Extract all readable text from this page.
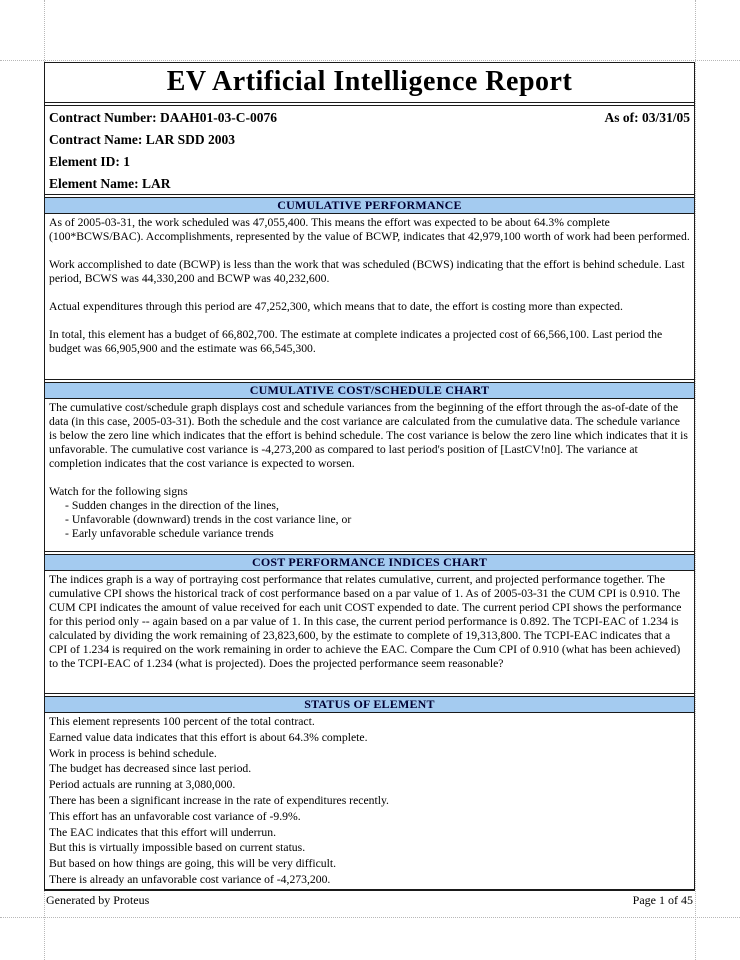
EV Artificial Intelligence Report
Contract Number: DAAH01-03-C-0076	As of: 03/31/05
Contract Name: LAR SDD 2003
Element ID: 1
Element Name: LAR
CUMULATIVE PERFORMANCE

As of 2005-03-31, the work scheduled was 47,055,400. This means the effort was expected to be about 64.3% complete (100*BCWS/BAC). Accomplishments, represented by the value of BCWP, indicates that 42,979,100 worth of work had been performed.

Work accomplished to date (BCWP) is less than the work that was scheduled (BCWS) indicating that the effort is behind schedule. Last period, BCWS was 44,330,200 and BCWP was 40,232,600.

Actual expenditures through this period are 47,252,300, which means that to date, the effort is costing more than expected.

In total, this element has a budget of 66,802,700. The estimate at complete indicates a projected cost of 66,566,100. Last period the budget was 66,905,900 and the estimate was 66,545,300.

CUMULATIVE COST/SCHEDULE CHART

The cumulative cost/schedule graph displays cost and schedule variances from the beginning of the effort through the as-of-date of the data (in this case, 2005-03-31). Both the schedule and the cost variance are calculated from the cumulative data. The schedule variance is below the zero line which indicates that the effort is behind schedule. The cost variance is below the zero line which indicates that it is unfavorable. The cumulative cost variance is -4,273,200 as compared to last period's position of [LastCV!n0]. The variance at completion indicates that the cost variance is expected to worsen.

Watch for the following signs

- Sudden changes in the direction of the lines,

- Unfavorable (downward) trends in the cost variance line, or

- Early unfavorable schedule variance trends

COST PERFORMANCE INDICES CHART

The indices graph is a way of portraying cost performance that relates cumulative, current, and projected performance together. The cumulative CPI shows the historical track of cost performance based on a par value of 1. As of 2005-03-31 the CUM CPI is 0.910. The CUM CPI indicates the amount of value received for each unit COST expended to date. The current period CPI shows the performance for this period only -- again based on a par value of 1. In this case, the current period performance is 0.892. The TCPI-EAC of 1.234 is calculated by dividing the work remaining of 23,823,600, by the estimate to complete of 19,313,800. The TCPI-EAC indicates that a CPI of 1.234 is required on the work remaining in order to achieve the EAC. Compare the Cum CPI of 0.910 (what has been achieved) to the TCPI-EAC of 1.234 (what is projected). Does the projected performance seem reasonable?

STATUS OF ELEMENT

This element represents 100 percent of the total contract.

Earned value data indicates that this effort is about 64.3% complete.

Work in process is behind schedule.

The budget has decreased since last period.

Period actuals are running at 3,080,000.

There has been a significant increase in the rate of expenditures recently.

This effort has an unfavorable cost variance of -9.9%.

The EAC indicates that this effort will underrun.

But this is virtually impossible based on current status.

But based on how things are going, this will be very difficult.

There is already an unfavorable cost variance of -4,273,200.

Generated by Proteus	Page 1 of 45
